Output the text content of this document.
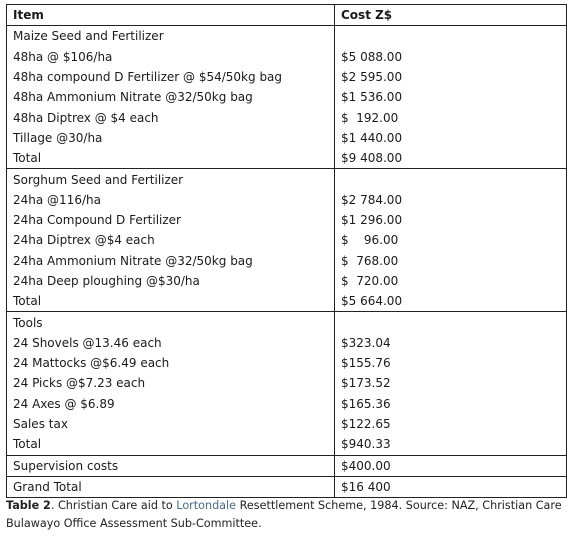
Item	Cost Z$
Maize Seed and Fertilizer	
48ha @ $106/ha	$5 088.00
48ha compound D Fertilizer @ $54/50kg bag	$2 595.00
48ha Ammonium Nitrate @32/50kg bag	$1 536.00
48ha Diptrex @ $4 each	$  192.00
Tillage @30/ha	$1 440.00
Total	$9 408.00
Sorghum Seed and Fertilizer	
24ha @116/ha	$2 784.00
24ha Compound D Fertilizer	$1 296.00
24ha Diptrex @$4 each	$    96.00
24ha Ammonium Nitrate @32/50kg bag	$  768.00
24ha Deep ploughing @$30/ha	$  720.00
Total	$5 664.00
Tools	
24 Shovels @13.46 each	$323.04
24 Mattocks @$6.49 each	$155.76
24 Picks @$7.23 each	$173.52
24 Axes @ $6.89	$165.36
Sales tax	$122.65
Total	$940.33
Supervision costs	$400.00
Grand Total	$16 400
Table 2. Christian Care aid to Lortondale Resettlement Scheme, 1984. Source: NAZ, Christian Care Bulawayo Office Assessment Sub-Committee.
